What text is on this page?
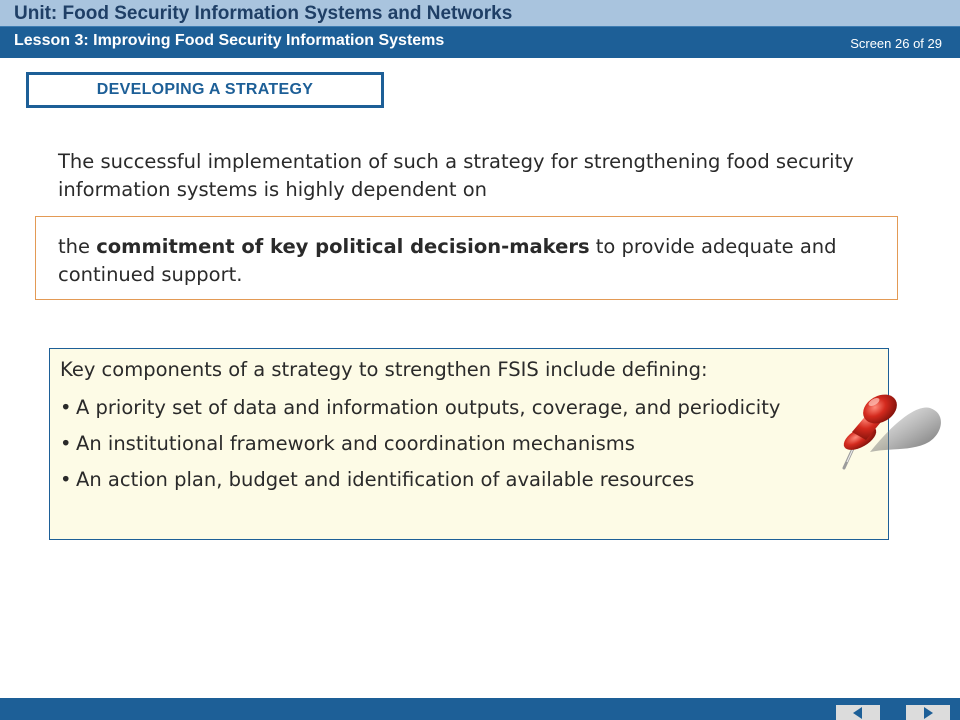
Unit: Food Security Information Systems and Networks
Lesson 3: Improving Food Security Information Systems	Screen 26 of 29
DEVELOPING A STRATEGY
The successful implementation of such a strategy for strengthening food security information systems is highly dependent on
the commitment of key political decision-makers to provide adequate and continued support.
Key components of a strategy to strengthen FSIS include defining:
• A priority set of data and information outputs, coverage, and periodicity
• An institutional framework and coordination mechanisms
• An action plan, budget and identification of available resources
